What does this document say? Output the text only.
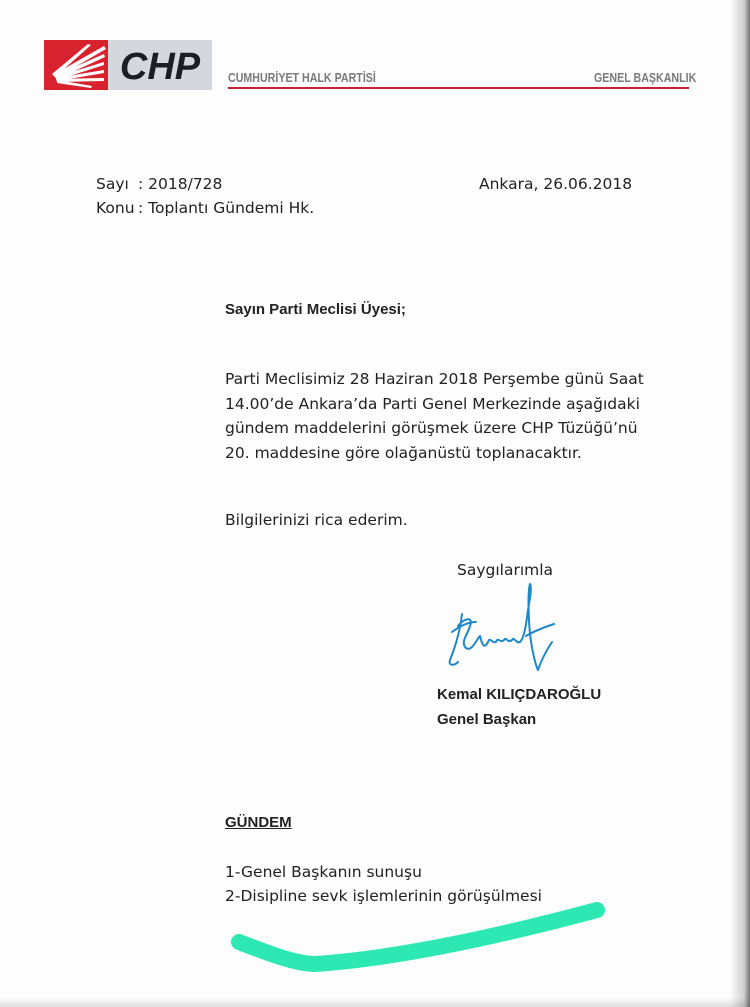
CHP CUMHURİYET HALK PARTİSİ	GENEL BAŞKANLIK
Sayı : 2018/728
Konu : Toplantı Gündemi Hk.
Ankara, 26.06.2018
Sayın Parti Meclisi Üyesi;
Parti Meclisimiz 28 Haziran 2018 Perşembe günü Saat
14.00’de Ankara’da Parti Genel Merkezinde aşağıdaki
gündem maddelerini görüşmek üzere CHP Tüzüğü’nü
20. maddesine göre olağanüstü toplanacaktır.
Bilgilerinizi rica ederim.
Saygılarımla
Kemal KILIÇDAROĞLU
Genel Başkan
GÜNDEM
1-Genel Başkanın sunuşu
2-Disipline sevk işlemlerinin görüşülmesi
